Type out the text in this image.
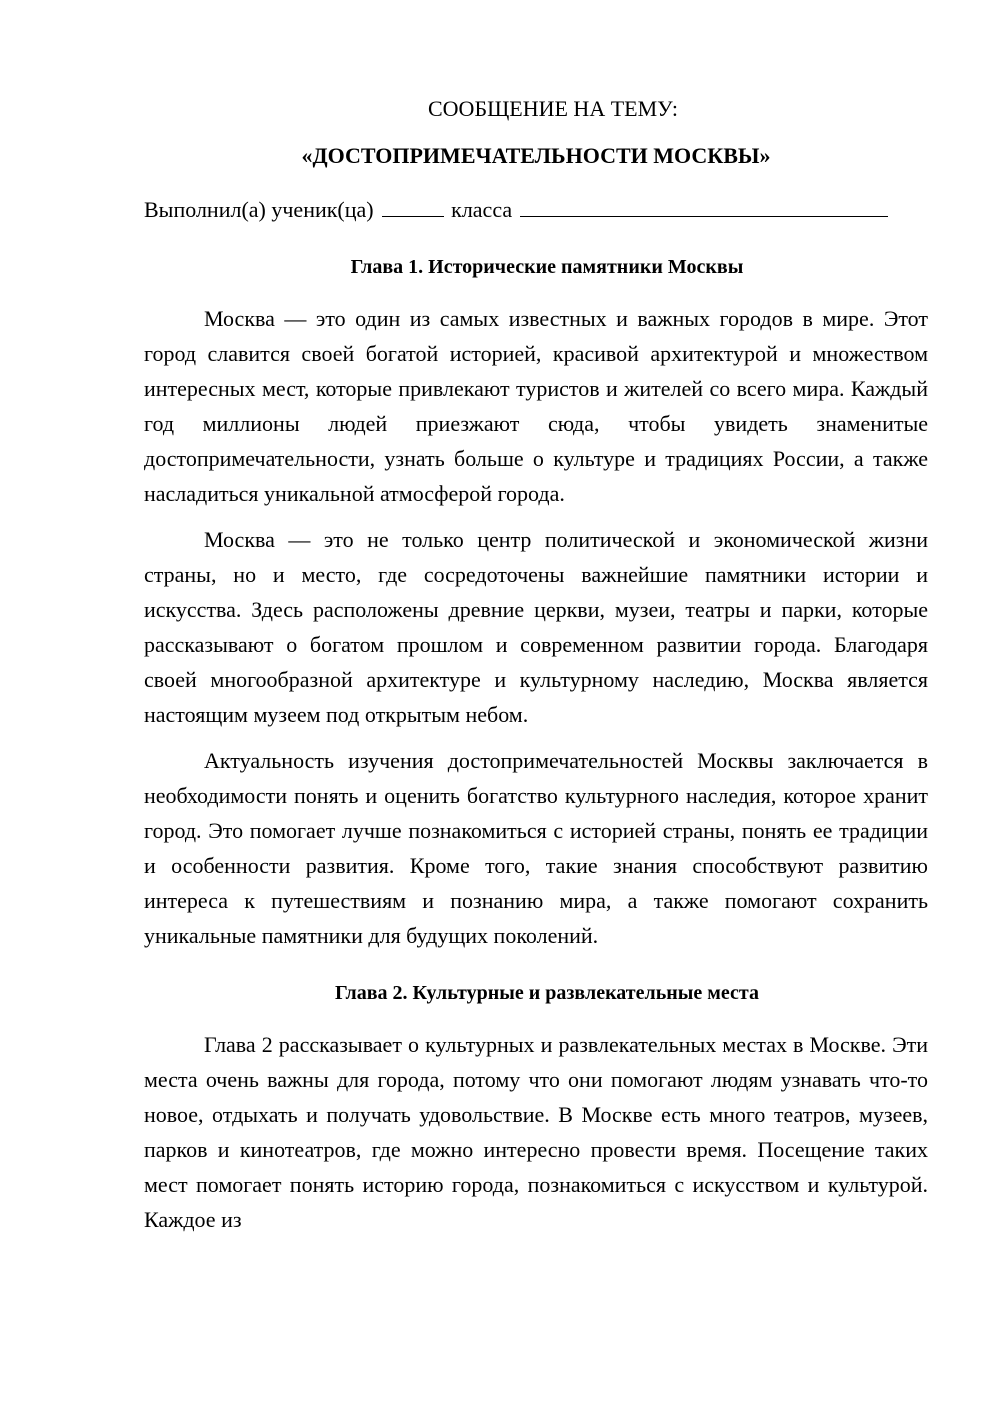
СООБЩЕНИЕ НА ТЕМУ:
«ДОСТОПРИМЕЧАТЕЛЬНОСТИ МОСКВЫ»
Выполнил(а) ученик(ца)	класса
Глава 1. Исторические памятники Москвы

Москва — это один из самых известных и важных городов в мире. Этот город славится своей богатой историей, красивой архитектурой и множеством интересных мест, которые привлекают туристов и жителей со всего мира. Каждый год миллионы людей приезжают сюда, чтобы увидеть знаменитые достопримечательности, узнать больше о культуре и традициях России, а также насладиться уникальной атмосферой города.

Москва — это не только центр политической и экономической жизни страны, но и место, где сосредоточены важнейшие памятники истории и искусства. Здесь расположены древние церкви, музеи, театры и парки, которые рассказывают о богатом прошлом и современном развитии города. Благодаря своей многообразной архитектуре и культурному наследию, Москва является настоящим музеем под открытым небом.

Актуальность изучения достопримечательностей Москвы заключается в необходимости понять и оценить богатство культурного наследия, которое хранит город. Это помогает лучше познакомиться с историей страны, понять ее традиции и особенности развития. Кроме того, такие знания способствуют развитию интереса к путешествиям и познанию мира, а также помогают сохранить уникальные памятники для будущих поколений.

Глава 2. Культурные и развлекательные места

Глава 2 рассказывает о культурных и развлекательных местах в Москве. Эти места очень важны для города, потому что они помогают людям узнавать что-то новое, отдыхать и получать удовольствие. В Москве есть много театров, музеев, парков и кинотеатров, где можно интересно провести время. Посещение таких мест помогает понять историю города, познакомиться с искусством и культурой. Каждое из
